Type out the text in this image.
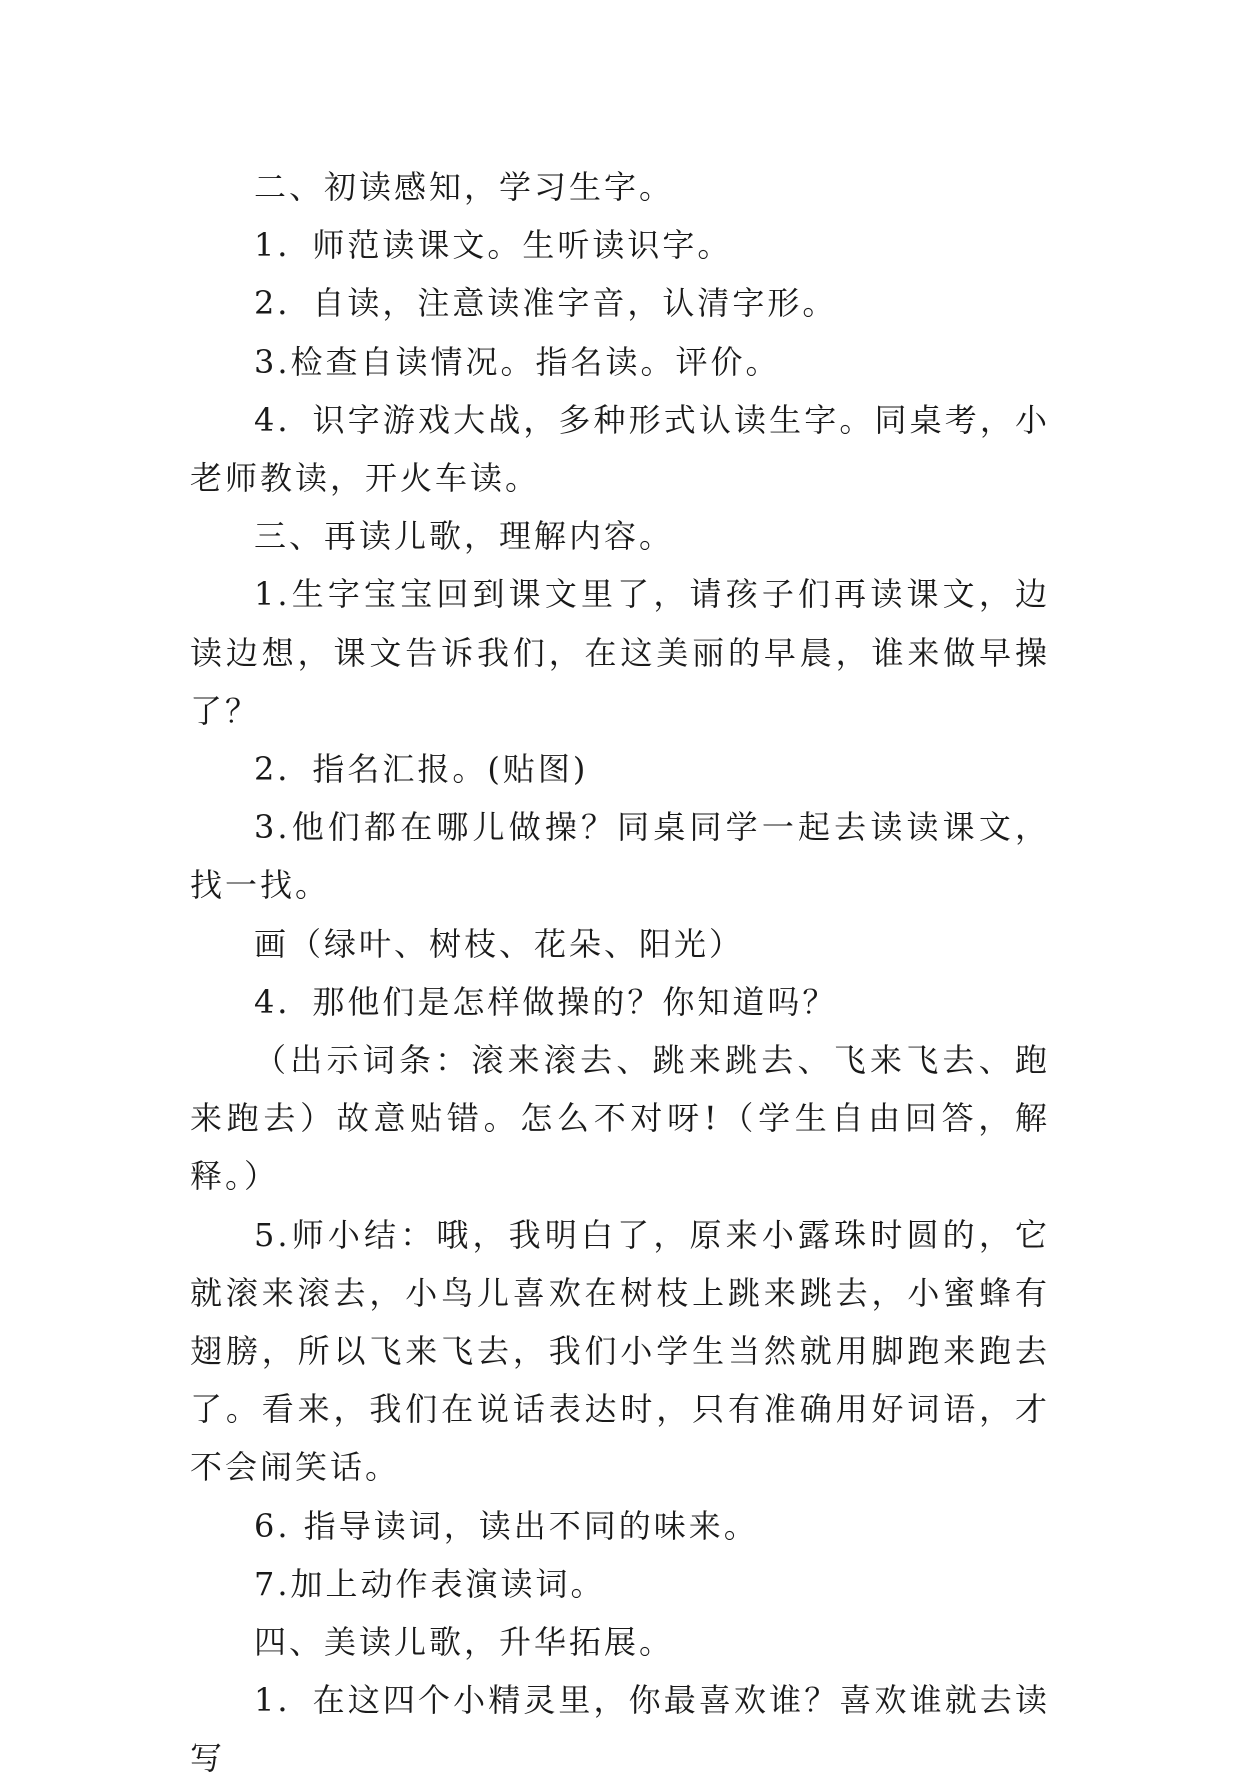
二、初读感知，学习生字。

1．师范读课文。生听读识字。

2．自读，注意读准字音，认清字形。

3.检查自读情况。指名读。评价。

4．识字游戏大战，多种形式认读生字。同桌考，小老师教读，开火车读。

三、再读儿歌，理解内容。

1.生字宝宝回到课文里了，请孩子们再读课文，边读边想，课文告诉我们，在这美丽的早晨，谁来做早操了？

2．指名汇报。(贴图)

3.他们都在哪儿做操？同桌同学一起去读读课文，找一找。

画（绿叶、树枝、花朵、阳光）

4．那他们是怎样做操的？你知道吗？

（出示词条：滚来滚去、跳来跳去、飞来飞去、跑来跑去）故意贴错。怎么不对呀!（学生自由回答，解释。）

5.师小结：哦，我明白了，原来小露珠时圆的，它就滚来滚去，小鸟儿喜欢在树枝上跳来跳去，小蜜蜂有翅膀，所以飞来飞去，我们小学生当然就用脚跑来跑去了。看来，我们在说话表达时，只有准确用好词语，才不会闹笑话。

6. 指导读词，读出不同的味来。

7.加上动作表演读词。

四、美读儿歌，升华拓展。

1．在这四个小精灵里，你最喜欢谁？喜欢谁就去读写
